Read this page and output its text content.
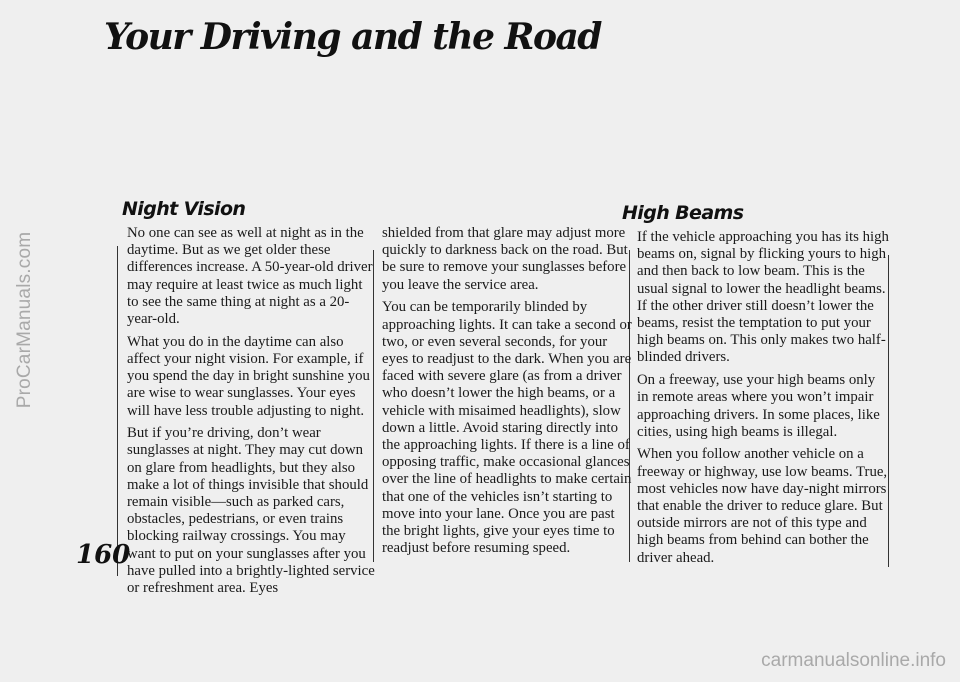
ProCarManuals.com
Your Driving and the Road
Night Vision	High Beams

No one can see as well at night as in the daytime. But as we get older these differences increase. A 50-year-old driver may require at least twice as much light to see the same thing at night as a 20-year-old.

What you do in the daytime can also affect your night vision. For example, if you spend the day in bright sunshine you are wise to wear sunglasses. Your eyes will have less trouble adjusting to night.

But if you’re driving, don’t wear sunglasses at night. They may cut down on glare from headlights, but they also make a lot of things invisible that should remain visible—such as parked cars, obstacles, pedestrians, or even trains blocking railway crossings. You may want to put on your sunglasses after you have pulled into a brightly-lighted service or refreshment area. Eyes

shielded from that glare may adjust more quickly to darkness back on the road. But be sure to remove your sunglasses before you leave the service area.

You can be temporarily blinded by approaching lights. It can take a second or two, or even several seconds, for your eyes to readjust to the dark. When you are faced with severe glare (as from a driver who doesn’t lower the high beams, or a vehicle with misaimed headlights), slow down a little. Avoid staring directly into the approaching lights. If there is a line of opposing traffic, make occasional glances over the line of headlights to make certain that one of the vehicles isn’t starting to move into your lane. Once you are past the bright lights, give your eyes time to readjust before resuming speed.

If the vehicle approaching you has its high beams on, signal by flicking yours to high and then back to low beam. This is the usual signal to lower the headlight beams. If the other driver still doesn’t lower the beams, resist the temptation to put your high beams on. This only makes two half-blinded drivers.

On a freeway, use your high beams only in remote areas where you won’t impair approaching drivers. In some places, like cities, using high beams is illegal.

When you follow another vehicle on a freeway or highway, use low beams. True, most vehicles now have day-night mirrors that enable the driver to reduce glare. But outside mirrors are not of this type and high beams from behind can bother the driver ahead.

160
carmanualsonline.info
